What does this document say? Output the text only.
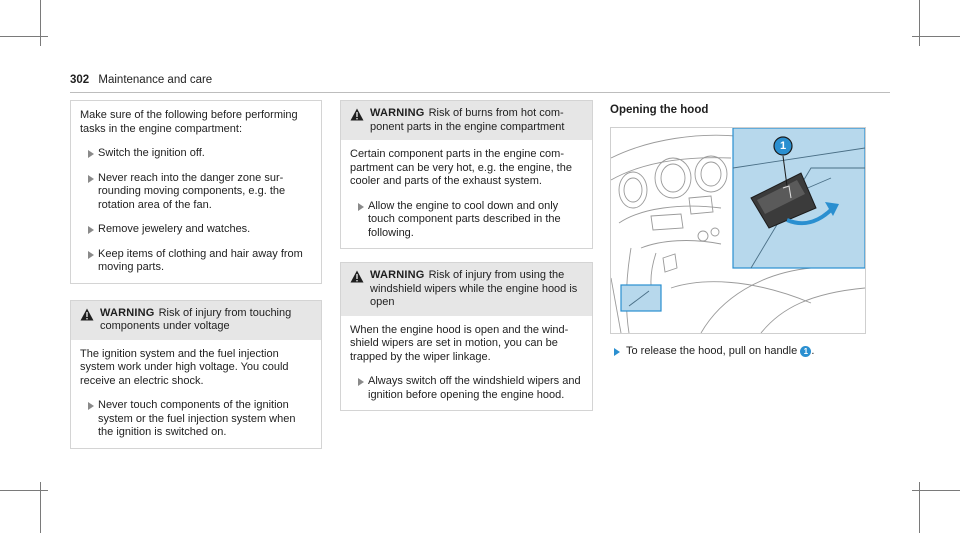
302 Maintenance and care

Make sure of the following before performing tasks in the engine compartment:

Switch the ignition off.
Never reach into the danger zone surrounding moving components, e.g. the rotation area of the fan.
Remove jewelery and watches.
Keep items of clothing and hair away from moving parts.
WARNING Risk of injury from touching components under voltage

The ignition system and the fuel injection system work under high voltage. You could receive an electric shock.

Never touch components of the ignition system or the fuel injection system when the ignition is switched on.
WARNING Risk of burns from hot component parts in the engine compartment

Certain component parts in the engine compartment can be very hot, e.g. the engine, the cooler and parts of the exhaust system.

Allow the engine to cool down and only touch component parts described in the following.
WARNING Risk of injury from using the windshield wipers while the engine hood is open

When the engine hood is open and the windshield wipers are set in motion, you can be trapped by the wiper linkage.

Always switch off the windshield wipers and ignition before opening the engine hood.
Opening the hood
1
To release the hood, pull on handle 1 .
